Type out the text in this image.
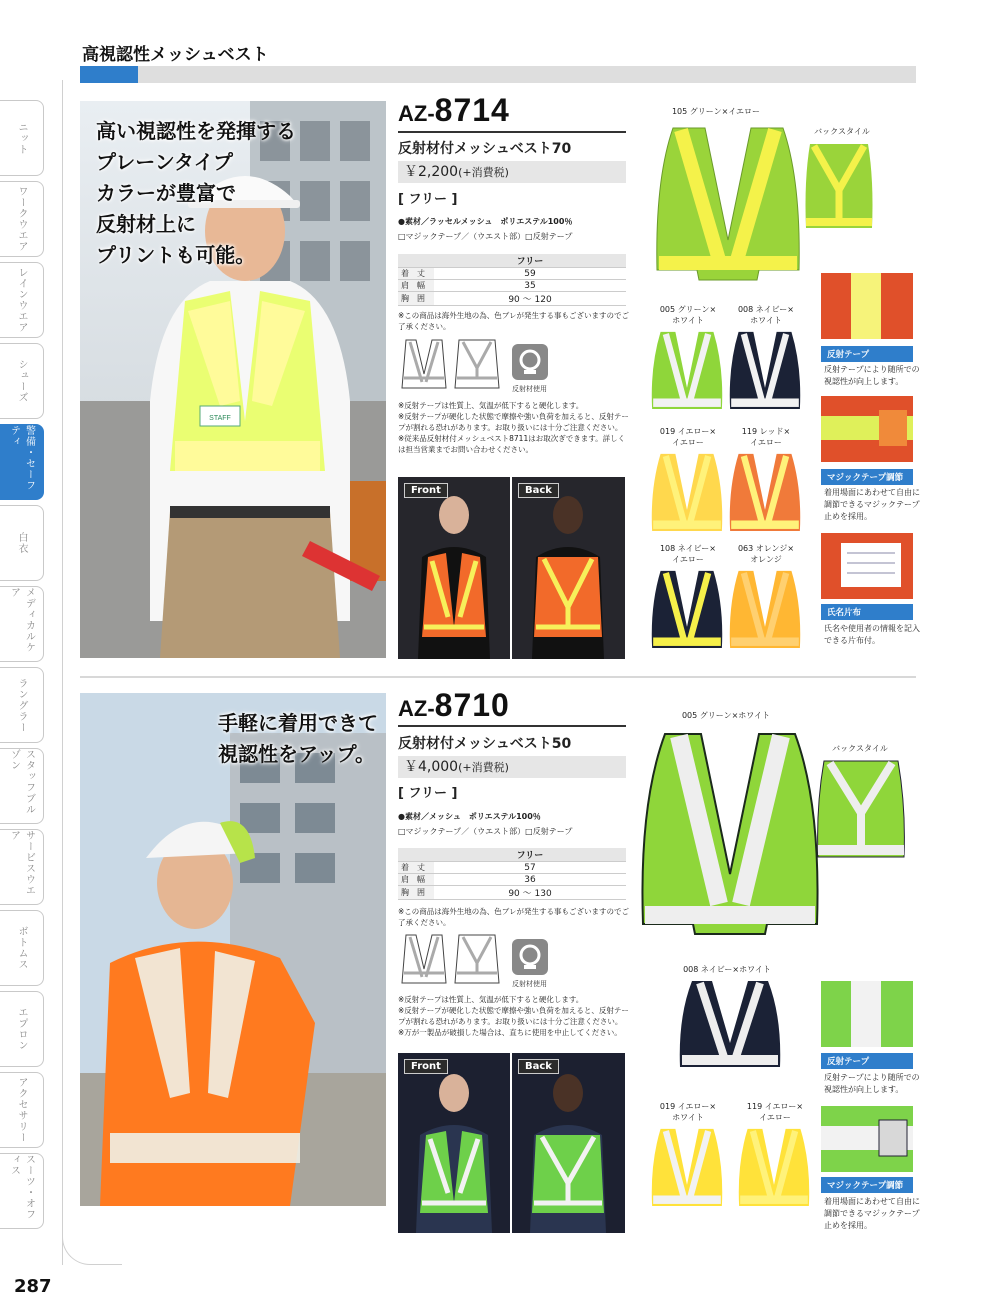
高視認性メッシュベスト
ニット
ワークウエア
レインウエア
シューズ
警備・セーフティ
白衣
メディカルケア
ラングラー
スタッフブルゾン
サービスウエア
ボトムス
エプロン
アクセサリー
スーツ・オフィス
287
STAFF
高い視認性を発揮する
プレーンタイプ
カラーが豊富で
反射材上に
プリントも可能。
AZ-8714
反射材付メッシュベスト70
￥2,200(+消費税)
[ フリー ]
●素材／ラッセルメッシュ　ポリエステル100％
□マジックテープ／（ウエスト部）□反射テープ
	フリー
着　丈	59
肩　幅	35
胸　囲	90 ～ 120
※この商品は海外生地の為、色ブレが発生する事もございますのでご了承ください。
反射材使用
※反射テープは性質上、気温が低下すると硬化します。
※反射テープが硬化した状態で摩擦や強い負荷を加えると、反射テープが割れる恐れがあります。お取り扱いには十分ご注意ください。
※従来品反射材付メッシュベスト8711はお取次ぎできます。詳しくは担当営業までお問い合わせください。
Front	Back
105 グリーン×イエロー
バックスタイル
005 グリーン×
ホワイト
008 ネイビー×
ホワイト
019 イエロー×
イエロー
119 レッド×
イエロー
108 ネイビー×
イエロー
063 オレンジ×
オレンジ
反射テープ
反射テープにより随所での視認性が向上します。
マジックテープ調節
着用場面にあわせて自由に調節できるマジックテープ止めを採用。
氏名片布
氏名や使用者の情報を記入できる片布付。
手軽に着用できて
視認性をアップ。
AZ-8710
反射材付メッシュベスト50
￥4,000(+消費税)
[ フリー ]
●素材／メッシュ　ポリエステル100％
□マジックテープ／（ウエスト部）□反射テープ
	フリー
着　丈	57
肩　幅	36
胸　囲	90 ～ 130
※この商品は海外生地の為、色ブレが発生する事もございますのでご了承ください。
反射材使用
※反射テープは性質上、気温が低下すると硬化します。
※反射テープが硬化した状態で摩擦や強い負荷を加えると、反射テープが割れる恐れがあります。お取り扱いには十分ご注意ください。
※万が一製品が破損した場合は、直ちに使用を中止してください。
Front	Back
005 グリーン×ホワイト
バックスタイル
008 ネイビー×ホワイト
019 イエロー×
ホワイト
119 イエロー×
イエロー
反射テープ
反射テープにより随所での視認性が向上します。
マジックテープ調節
着用場面にあわせて自由に調節できるマジックテープ止めを採用。
